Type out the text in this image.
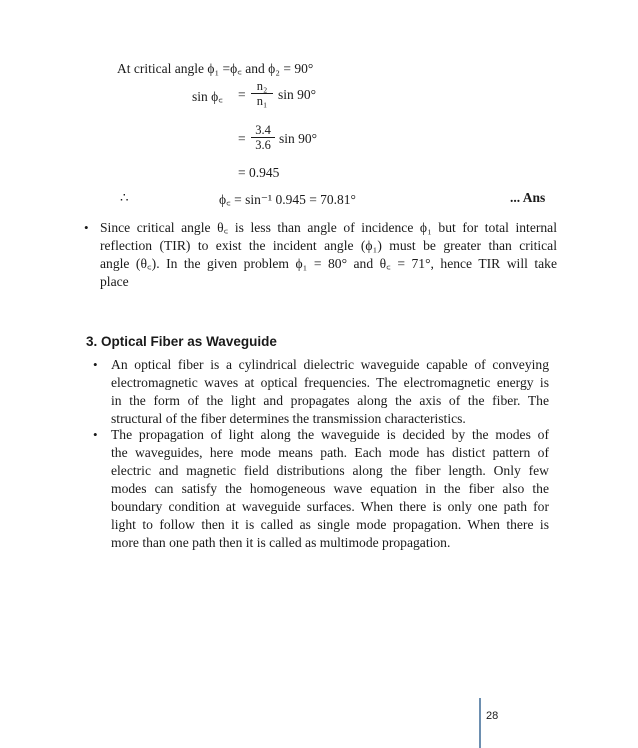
At critical angle ϕ₁ =ϕ꜀ and ϕ₂ = 90°
sin ϕ꜀ = $\frac{\text{n₂}}{\text{n₁}}$ sin 90°
= $\frac{3.4}{3.6}$ sin 90°
= 0.945
∴	ϕ꜀ = sin⁻¹ 0.945 = 70.81°	... Ans
• Since critical angle θ꜀ is less than angle of incidence ϕ₁ but for total internal
reflection (TIR) to exist the incident angle (ϕ₁) must be greater than critical
angle (θ꜀). In the given problem ϕ₁ = 80° and θ꜀ = 71°, hence TIR will take
place
3. Optical Fiber as Waveguide
• An optical fiber is a cylindrical dielectric waveguide capable of conveying
electromagnetic waves at optical frequencies. The electromagnetic energy is
in the form of the light and propagates along the axis of the fiber. The
structural of the fiber determines the transmission characteristics.
• The propagation of light along the waveguide is decided by the modes of
the waveguides, here mode means path. Each mode has distict pattern of
electric and magnetic field distributions along the fiber length. Only few
modes can satisfy the homogeneous wave equation in the fiber also the
boundary condition at waveguide surfaces. When there is only one path for
light to follow then it is called as single mode propagation. When there is
more than one path then it is called as multimode propagation.
28
